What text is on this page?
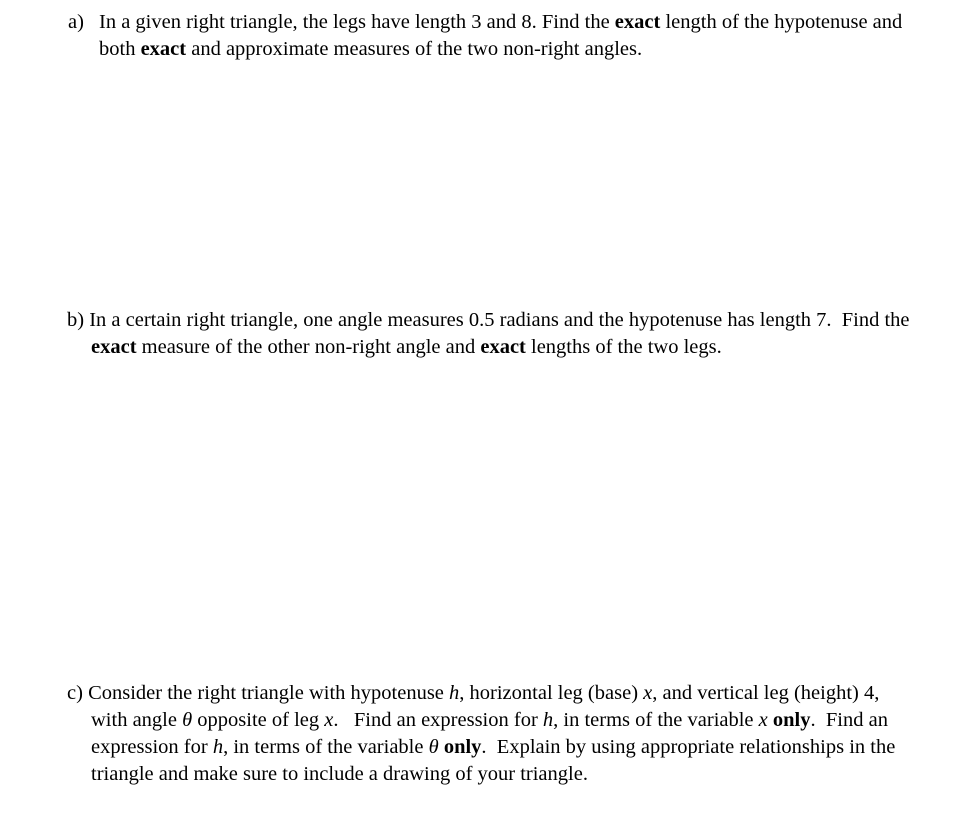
a) In a given right triangle, the legs have length 3 and 8. Find the exact length of the hypotenuse and
both exact and approximate measures of the two non-right angles.
b) In a certain right triangle, one angle measures 0.5 radians and the hypotenuse has length 7.  Find the
exact measure of the other non-right angle and exact lengths of the two legs.
c) Consider the right triangle with hypotenuse h, horizontal leg (base) x, and vertical leg (height) 4,
with angle θ opposite of leg x.   Find an expression for h, in terms of the variable x only.  Find an
expression for h, in terms of the variable θ only.  Explain by using appropriate relationships in the
triangle and make sure to include a drawing of your triangle.
